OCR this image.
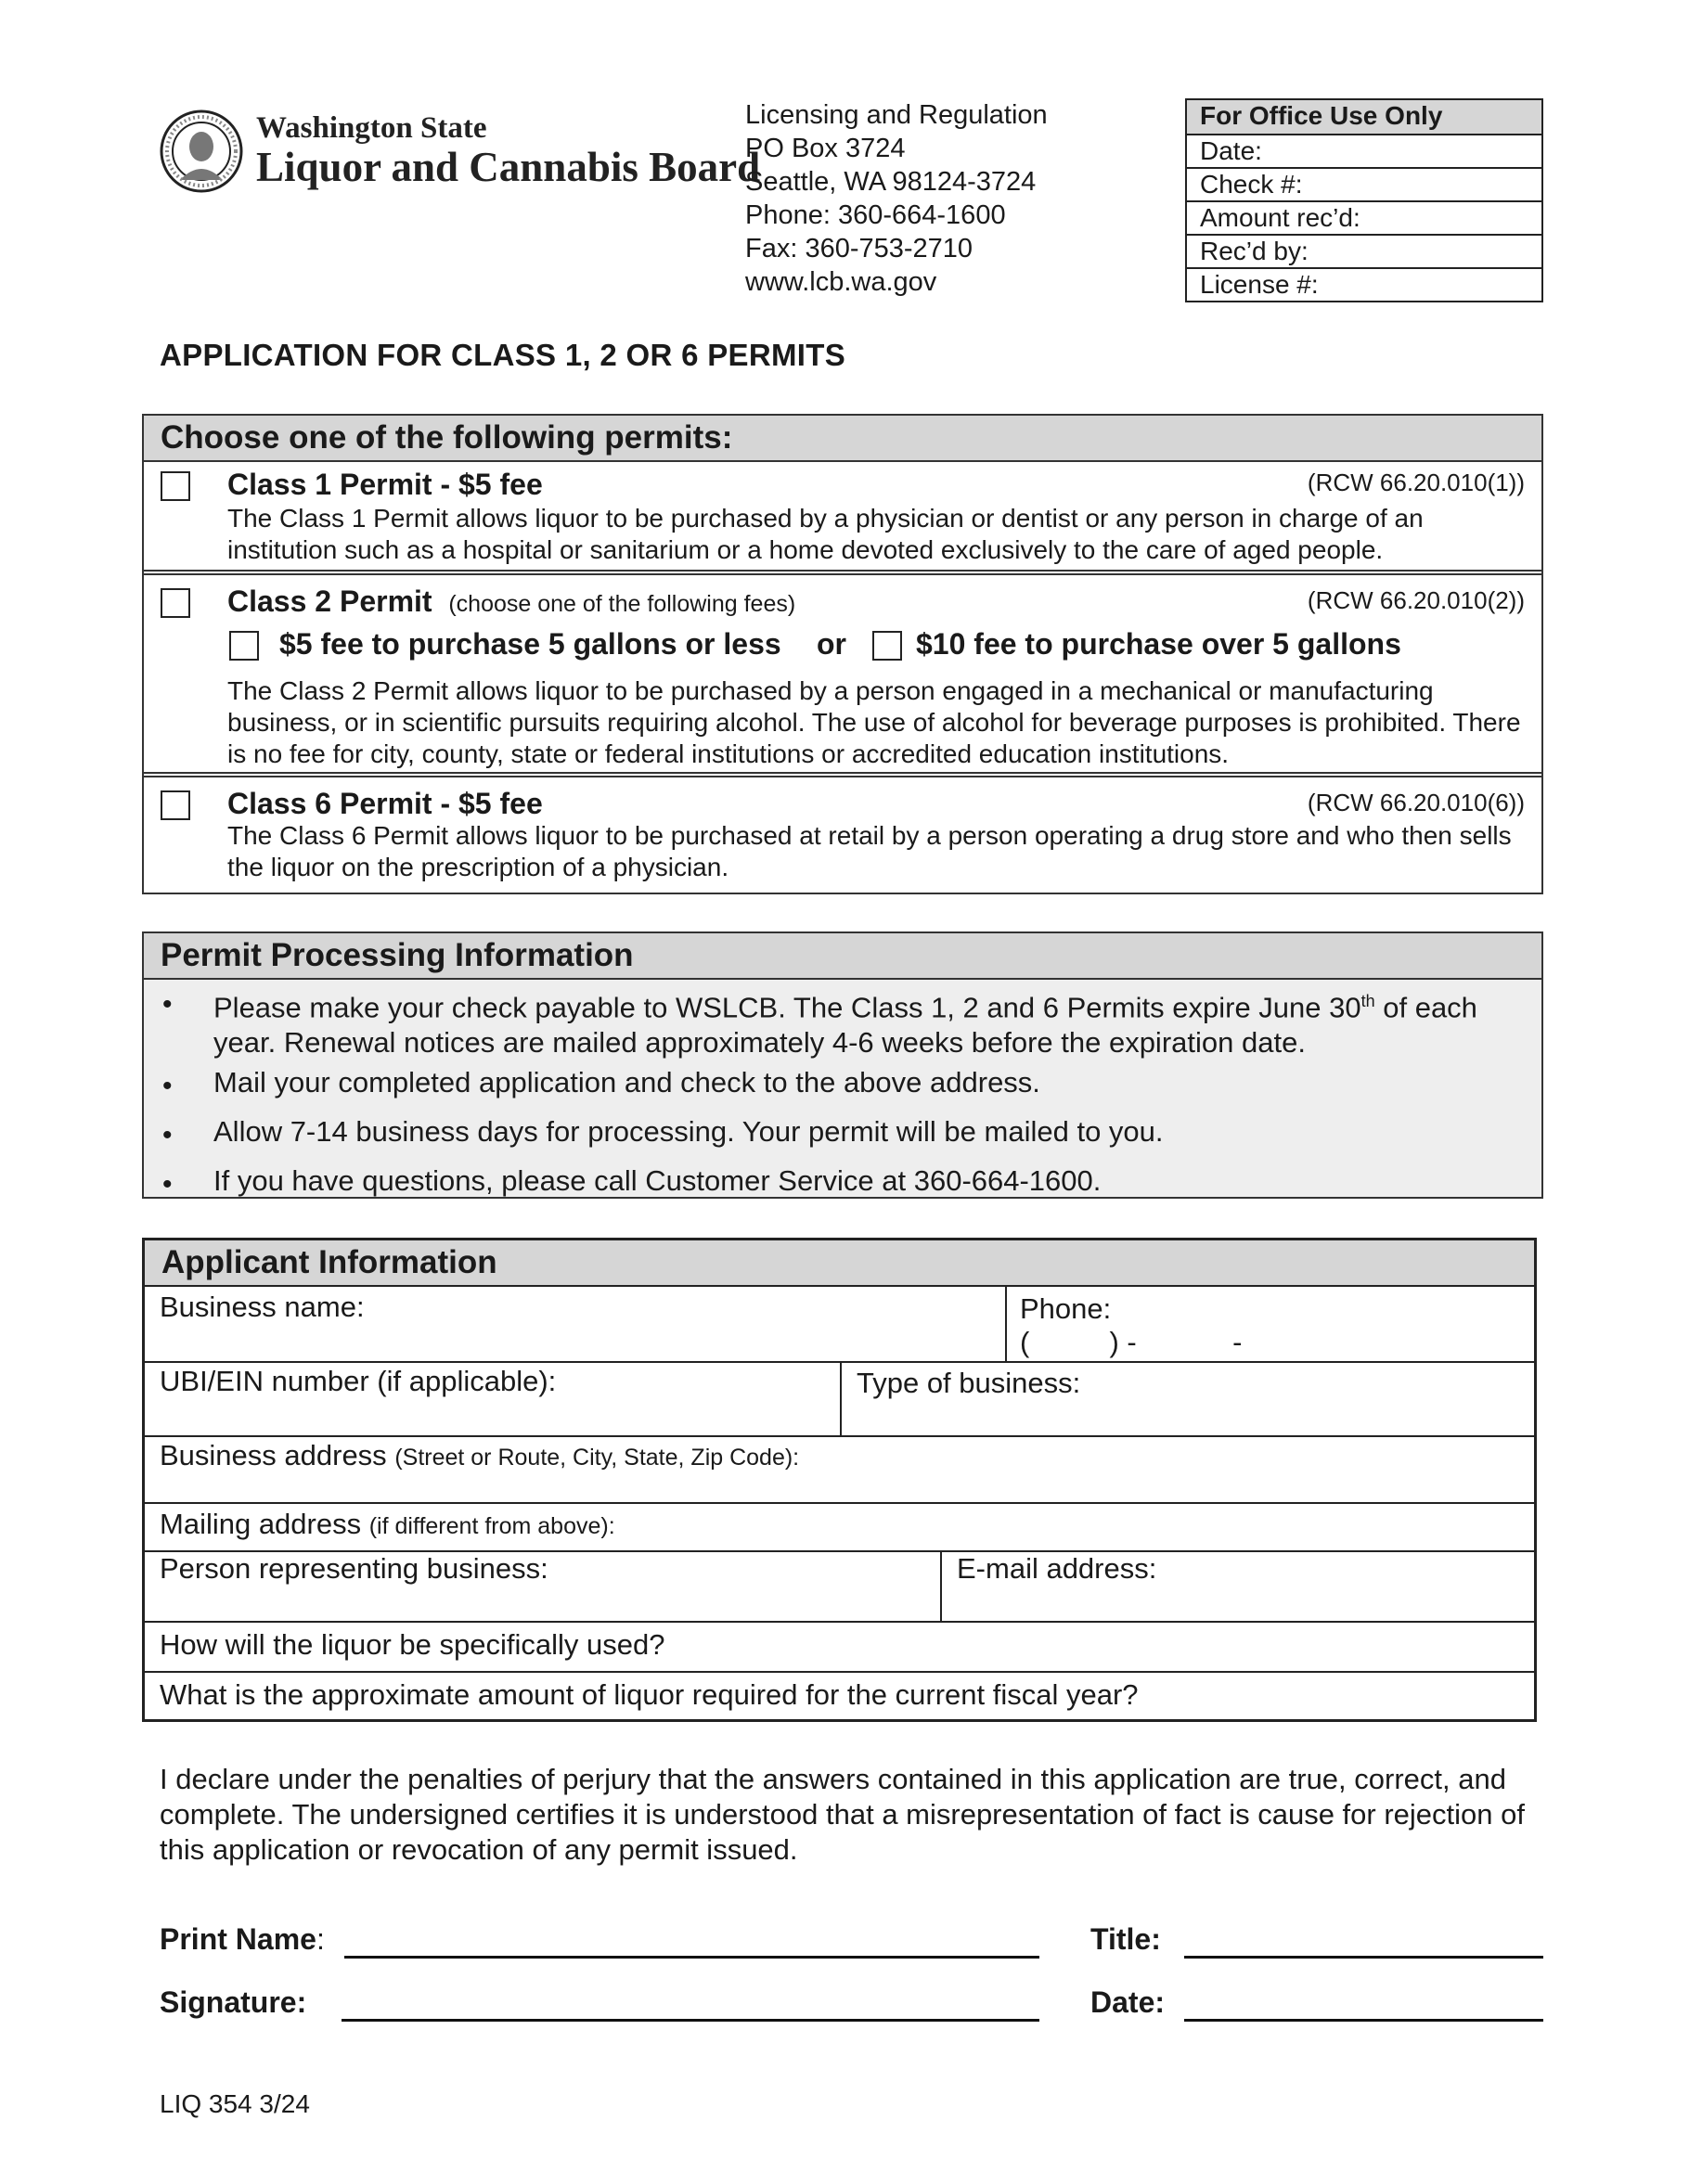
Washington State
Liquor and Cannabis Board
Licensing and Regulation
PO Box 3724
Seattle, WA 98124-3724
Phone: 360-664-1600
Fax: 360-753-2710
www.lcb.wa.gov
For Office Use Only
Date:
Check #:
Amount rec’d:
Rec’d by:
License #:
APPLICATION FOR CLASS 1, 2 OR 6 PERMITS
Choose one of the following permits:
Class 1 Permit - $5 fee	(RCW 66.20.010(1))
The Class 1 Permit allows liquor to be purchased by a physician or dentist or any person in charge of an institution such as a hospital or sanitarium or a home devoted exclusively to the care of aged people.
Class 2 Permit (choose one of the following fees)	(RCW 66.20.010(2))
$5 fee to purchase 5 gallons or less or $10 fee to purchase over 5 gallons
The Class 2 Permit allows liquor to be purchased by a person engaged in a mechanical or manufacturing business, or in scientific pursuits requiring alcohol. The use of alcohol for beverage purposes is prohibited. There is no fee for city, county, state or federal institutions or accredited education institutions.
Class 6 Permit - $5 fee	(RCW 66.20.010(6))
The Class 6 Permit allows liquor to be purchased at retail by a person operating a drug store and who then sells the liquor on the prescription of a physician.
Permit Processing Information
• Please make your check payable to WSLCB. The Class 1, 2 and 6 Permits expire June 30th of each year. Renewal notices are mailed approximately 4-6 weeks before the expiration date.
• Mail your completed application and check to the above address.
• Allow 7-14 business days for processing. Your permit will be mailed to you.
• If you have questions, please call Customer Service at 360-664-1600.
Applicant Information
Business name:	Phone:
(          ) -            -
UBI/EIN number (if applicable):	Type of business:
Business address (Street or Route, City, State, Zip Code):
Mailing address (if different from above):
Person representing business:	E-mail address:
How will the liquor be specifically used?
What is the approximate amount of liquor required for the current fiscal year?
I declare under the penalties of perjury that the answers contained in this application are true, correct, and complete. The undersigned certifies it is understood that a misrepresentation of fact is cause for rejection of this application or revocation of any permit issued.
Print Name:	Title:
Signature:	Date:
LIQ 354 3/24
